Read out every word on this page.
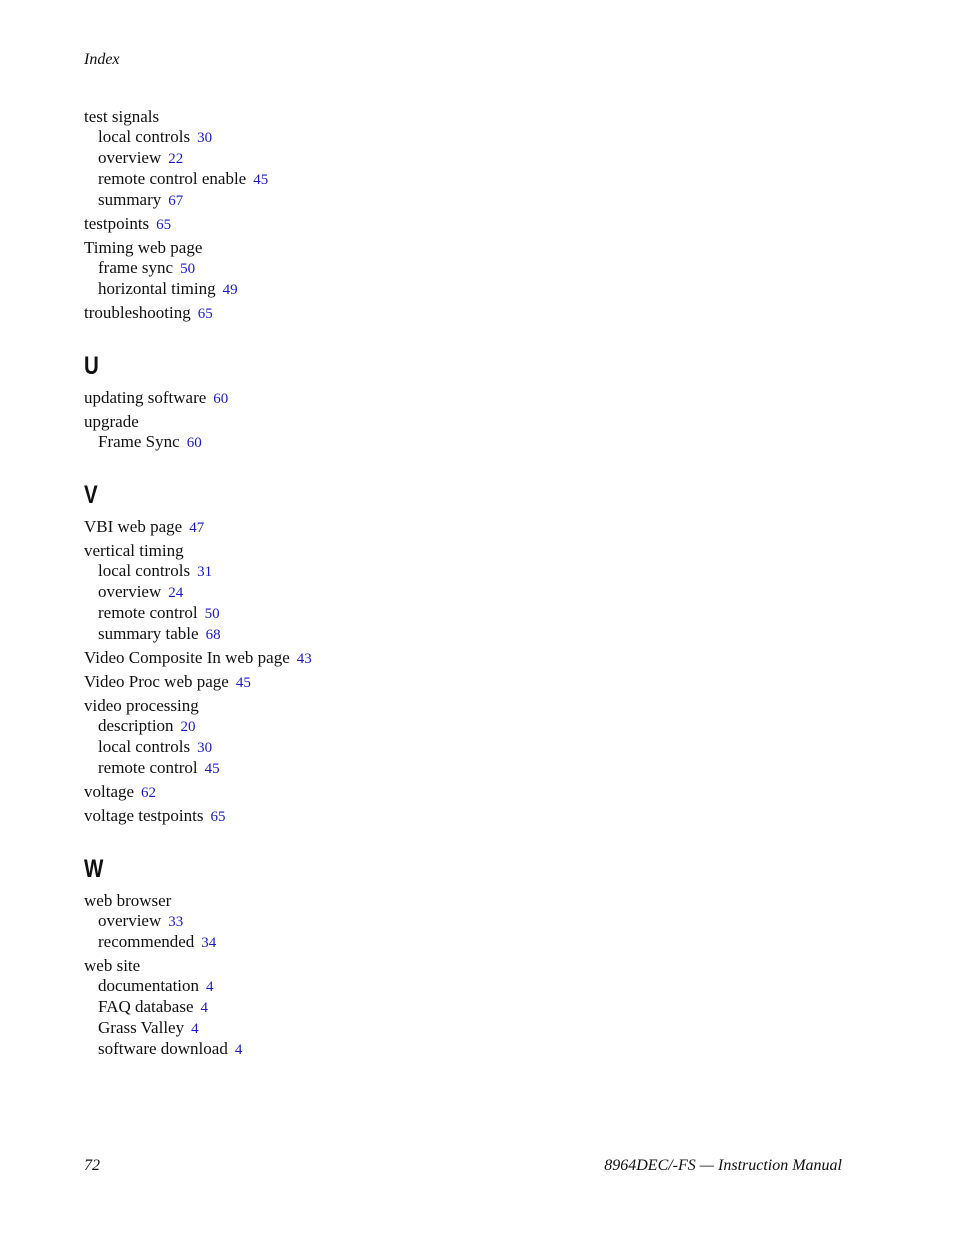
Index
test signals
local controls 30
overview 22
remote control enable 45
summary 67
testpoints 65
Timing web page
frame sync 50
horizontal timing 49
troubleshooting 65
U
updating software 60
upgrade
Frame Sync 60
V
VBI web page 47
vertical timing
local controls 31
overview 24
remote control 50
summary table 68
Video Composite In web page 43
Video Proc web page 45
video processing
description 20
local controls 30
remote control 45
voltage 62
voltage testpoints 65
W
web browser
overview 33
recommended 34
web site
documentation 4
FAQ database 4
Grass Valley 4
software download 4
72	8964DEC/-FS — Instruction Manual
